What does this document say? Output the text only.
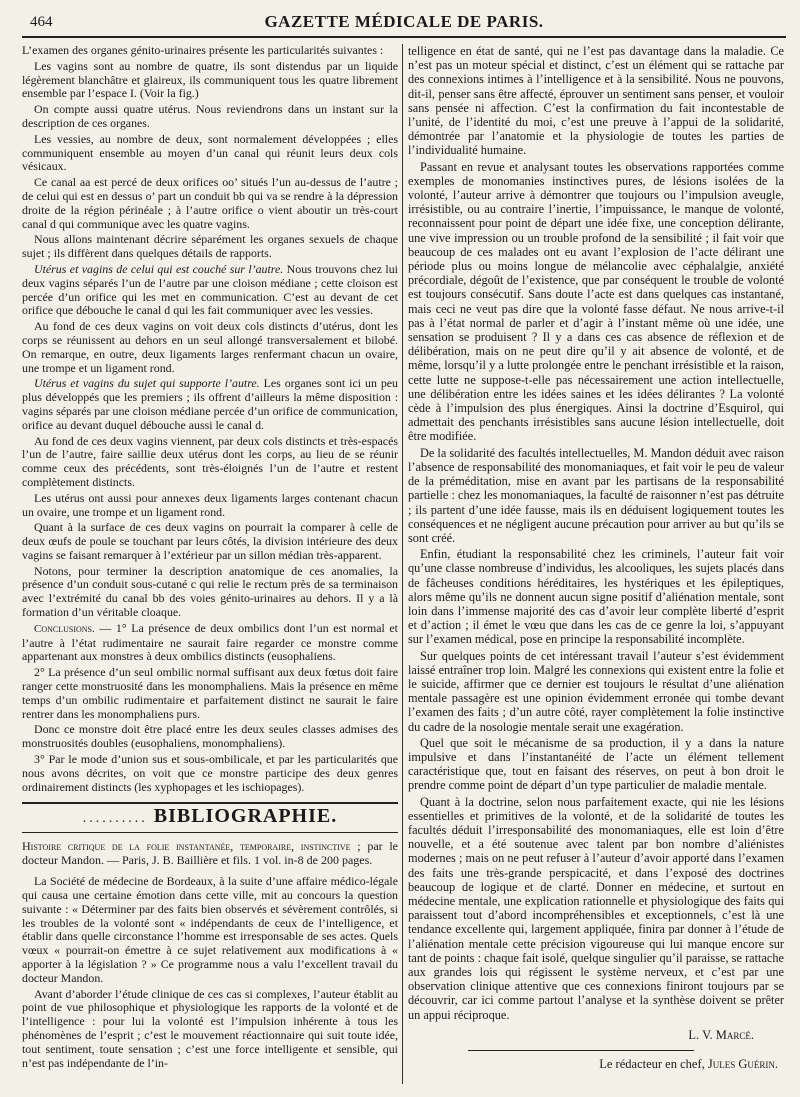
464	GAZETTE MÉDICALE DE PARIS.

L’examen des organes génito-urinaires présente les particularités suivantes :

Les vagins sont au nombre de quatre, ils sont distendus par un liquide légèrement blanchâtre et glaireux, ils communiquent tous les quatre librement ensemble par l’espace I. (Voir la fig.)

On compte aussi quatre utérus. Nous reviendrons dans un instant sur la description de ces organes.

Les vessies, au nombre de deux, sont normalement développées ; elles communiquent ensemble au moyen d’un canal qui réunit leurs deux cols vésicaux.

Ce canal aa est percé de deux orifices oo’ situés l’un au-dessus de l’autre ; de celui qui est en dessus o’ part un conduit bb qui va se rendre à la dépression droite de la région périnéale ; à l’autre orifice o vient aboutir un très-court canal d qui communique avec les quatre vagins.

Nous allons maintenant décrire séparément les organes sexuels de chaque sujet ; ils diffèrent dans quelques détails de rapports.

Utérus et vagins de celui qui est couché sur l’autre. Nous trouvons chez lui deux vagins séparés l’un de l’autre par une cloison médiane ; cette cloison est percée d’un orifice qui les met en communication. C’est au devant de cet orifice que débouche le canal d qui les fait communiquer avec les vessies.

Au fond de ces deux vagins on voit deux cols distincts d’utérus, dont les corps se réunissent au dehors en un seul allongé transversalement et bilobé. On remarque, en outre, deux ligaments larges renfermant chacun un ovaire, une trompe et un ligament rond.

Utérus et vagins du sujet qui supporte l’autre. Les organes sont ici un peu plus développés que les premiers ; ils offrent d’ailleurs la même disposition : vagins séparés par une cloison médiane percée d’un orifice de communication, orifice au devant duquel débouche aussi le canal d.

Au fond de ces deux vagins viennent, par deux cols distincts et très-espacés l’un de l’autre, faire saillie deux utérus dont les corps, au lieu de se réunir comme ceux des précédents, sont très-éloignés l’un de l’autre et restent complètement distincts.

Les utérus ont aussi pour annexes deux ligaments larges contenant chacun un ovaire, une trompe et un ligament rond.

Quant à la surface de ces deux vagins on pourrait la comparer à celle de deux œufs de poule se touchant par leurs côtés, la division intérieure des deux vagins se faisant remarquer à l’extérieur par un sillon médian très-apparent.

Notons, pour terminer la description anatomique de ces anomalies, la présence d’un conduit sous-cutané c qui relie le rectum près de sa terminaison avec l’extrémité du canal bb des voies génito-urinaires au dehors. Il y a là formation d’un véritable cloaque.

Conclusions. — 1° La présence de deux ombilics dont l’un est normal et l’autre à l’état rudimentaire ne saurait faire regarder ce monstre comme appartenant aux monstres à deux ombilics distincts (eusophaliens.

2° La présence d’un seul ombilic normal suffisant aux deux fœtus doit faire ranger cette monstruosité dans les monomphaliens. Mais la présence en même temps d’un ombilic rudimentaire et parfaitement distinct ne saurait le faire rentrer dans les monomphaliens purs.

Donc ce monstre doit être placé entre les deux seules classes admises des monstruosités doubles (eusophaliens, monomphaliens).

3° Par le mode d’union sus et sous-ombilicale, et par les particularités que nous avons décrites, on voit que ce monstre participe des deux genres ordinairement distincts (les xyphopages et les ischiopages).

.......... BIBLIOGRAPHIE.
Histoire critique de la folie instantanée, temporaire, instinctive ; par le docteur Mandon. — Paris, J. B. Baillière et fils. 1 vol. in-8 de 200 pages.

La Société de médecine de Bordeaux, à la suite d’une affaire médico-légale qui causa une certaine émotion dans cette ville, mit au concours la question suivante : « Déterminer par des faits bien observés et sévèrement contrôlés, si les troubles de la volonté sont « indépendants de ceux de l’intelligence, et établir dans quelle circonstance l’homme est irresponsable de ses actes. Quels vœux « pourrait-on émettre à ce sujet relativement aux modifications à « apporter à la législation ? » Ce programme nous a valu l’excellent travail du docteur Mandon.

Avant d’aborder l’étude clinique de ces cas si complexes, l’auteur établit au point de vue philosophique et physiologique les rapports de la volonté et de l’intelligence : pour lui la volonté est l’impulsion inhérente à tous les phénomènes de l’esprit ; c’est le mouvement réactionnaire qui suit toute idée, tout sentiment, toute sensation ; c’est une force intelligente et sensible, qui n’est pas indépendante de l’in-

telligence en état de santé, qui ne l’est pas davantage dans la maladie. Ce n’est pas un moteur spécial et distinct, c’est un élément qui se rattache par des connexions intimes à l’intelligence et à la sensibilité. Nous ne pouvons, dit-il, penser sans être affecté, éprouver un sentiment sans penser, et vouloir sans pensée ni affection. C’est la confirmation du fait incontestable de l’unité, de l’identité du moi, c’est une preuve à l’appui de la solidarité, démontrée par l’anatomie et la physiologie de toutes les parties de l’individualité humaine.

Passant en revue et analysant toutes les observations rapportées comme exemples de monomanies instinctives pures, de lésions isolées de la volonté, l’auteur arrive à démontrer que toujours ou l’impulsion aveugle, irrésistible, ou au contraire l’inertie, l’impuissance, le manque de volonté, reconnaissent pour point de départ une idée fixe, une conception délirante, une vive impression ou un trouble profond de la sensibilité ; il fait voir que beaucoup de ces malades ont eu avant l’explosion de l’acte délirant une période plus ou moins longue de mélancolie avec céphalalgie, anxiété précordiale, dégoût de l’existence, que par conséquent le trouble de volonté est toujours consécutif. Sans doute l’acte est dans quelques cas instantané, mais ceci ne veut pas dire que la volonté fasse défaut. Ne nous arrive-t-il pas à l’état normal de parler et d’agir à l’instant même où une idée, une sensation se produisent ? Il y a dans ces cas absence de réflexion et de délibération, mais on ne peut dire qu’il y ait absence de volonté, et de même, lorsqu’il y a lutte prolongée entre le penchant irrésistible et la raison, cette lutte ne suppose-t-elle pas nécessairement une action intellectuelle, une délibération entre les idées saines et les idées délirantes ? La volonté cède à l’impulsion des plus énergiques. Ainsi la doctrine d’Esquirol, qui admettait des penchants irrésistibles sans aucune lésion intellectuelle, doit être modifiée.

De la solidarité des facultés intellectuelles, M. Mandon déduit avec raison l’absence de responsabilité des monomaniaques, et fait voir le peu de valeur de la préméditation, mise en avant par les partisans de la responsabilité partielle : chez les monomaniaques, la faculté de raisonner n’est pas détruite ; ils partent d’une idée fausse, mais ils en déduisent logiquement toutes les conséquences et ne négligent aucune précaution pour arriver au but qu’ils se sont créé.

Enfin, étudiant la responsabilité chez les criminels, l’auteur fait voir qu’une classe nombreuse d’individus, les alcooliques, les sujets placés dans de fâcheuses conditions héréditaires, les hystériques et les épileptiques, alors même qu’ils ne donnent aucun signe positif d’aliénation mentale, sont loin dans l’immense majorité des cas d’avoir leur complète liberté d’esprit et d’action ; il émet le vœu que dans les cas de ce genre la loi, s’appuyant sur l’examen médical, pose en principe la responsabilité incomplète.

Sur quelques points de cet intéressant travail l’auteur s’est évidemment laissé entraîner trop loin. Malgré les connexions qui existent entre la folie et le suicide, affirmer que ce dernier est toujours le résultat d’une aliénation mentale passagère est une opinion évidemment erronée qui tombe devant l’examen des faits ; d’un autre côté, rayer complètement la folie instinctive du cadre de la nosologie mentale serait une exagération.

Quel que soit le mécanisme de sa production, il y a dans la nature impulsive et dans l’instantanéité de l’acte un élément tellement caractéristique que, tout en faisant des réserves, on peut à bon droit le prendre comme point de départ d’un type particulier de maladie mentale.

Quant à la doctrine, selon nous parfaitement exacte, qui nie les lésions essentielles et primitives de la volonté, et de la solidarité de toutes les facultés déduit l’irresponsabilité des monomaniaques, elle est loin d’être nouvelle, et a été soutenue avec talent par bon nombre d’aliénistes modernes ; mais on ne peut refuser à l’auteur d’avoir apporté dans l’examen des faits une très-grande perspicacité, et dans l’exposé des doctrines beaucoup de logique et de clarté. Donner en médecine, et surtout en médecine mentale, une explication rationnelle et physiologique des faits qui paraissent tout d’abord incompréhensibles et exceptionnels, c’est là une tendance excellente qui, largement appliquée, finira par donner à l’étude de l’aliénation mentale cette précision vigoureuse qui lui manque encore sur tant de points : chaque fait isolé, quelque singulier qu’il paraisse, se rattache aux grandes lois qui régissent le système nerveux, et c’est par une observation clinique attentive que ces connexions finiront toujours par se découvrir, car ici comme partout l’analyse et la synthèse doivent se prêter un appui réciproque.

L. V. Marcé.
Le rédacteur en chef, Jules Guérin.
